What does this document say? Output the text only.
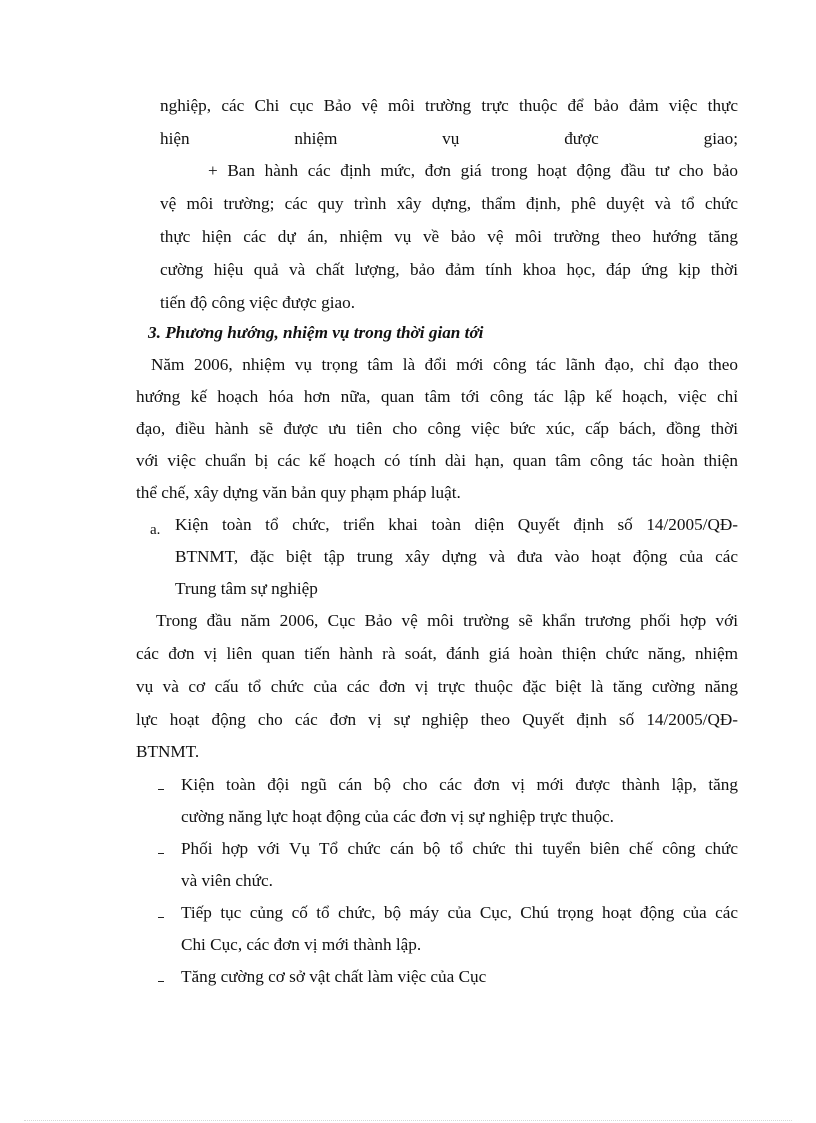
nghiệp, các Chi cục Bảo vệ môi trường trực thuộc để bảo đảm việc thực
hiện nhiệm vụ được giao;
+ Ban hành các định mức, đơn giá trong hoạt động đầu tư cho bảo
vệ môi trường; các quy trình xây dựng, thẩm định, phê duyệt và tổ chức
thực hiện các dự án, nhiệm vụ về bảo vệ môi trường theo hướng tăng
cường hiệu quả và chất lượng, bảo đảm tính khoa học, đáp ứng kịp thời
tiến độ công việc được giao.
3. Phương hướng, nhiệm vụ trong thời gian tới
Năm 2006, nhiệm vụ trọng tâm là đổi mới công tác lãnh đạo, chỉ đạo theo
hướng kế hoạch hóa hơn nữa, quan tâm tới công tác lập kế hoạch, việc chỉ
đạo, điều hành sẽ được ưu tiên cho công việc bức xúc, cấp bách, đồng thời
với việc chuẩn bị các kế hoạch có tính dài hạn, quan tâm công tác hoàn thiện
thể chế, xây dựng văn bản quy phạm pháp luật.
a. Kiện toàn tổ chức, triển khai toàn diện Quyết định số 14/2005/QĐ-
BTNMT, đặc biệt tập trung xây dựng và đưa vào hoạt động của các
Trung tâm sự nghiệp
Trong đầu năm 2006, Cục Bảo vệ môi trường sẽ khẩn trương phối hợp với
các đơn vị liên quan tiến hành rà soát, đánh giá hoàn thiện chức năng, nhiệm
vụ và cơ cấu tổ chức của các đơn vị trực thuộc đặc biệt là tăng cường năng
lực hoạt động cho các đơn vị sự nghiệp theo Quyết định số 14/2005/QĐ-
BTNMT.
Kiện toàn đội ngũ cán bộ cho các đơn vị mới được thành lập, tăng
cường năng lực hoạt động của các đơn vị sự nghiệp trực thuộc.
Phối hợp với Vụ Tổ chức cán bộ tổ chức thi tuyển biên chế công chức
và viên chức.
Tiếp tục củng cố tổ chức, bộ máy của Cục, Chú trọng hoạt động của các
Chi Cục, các đơn vị mới thành lập.
Tăng cường cơ sở vật chất làm việc của Cục
